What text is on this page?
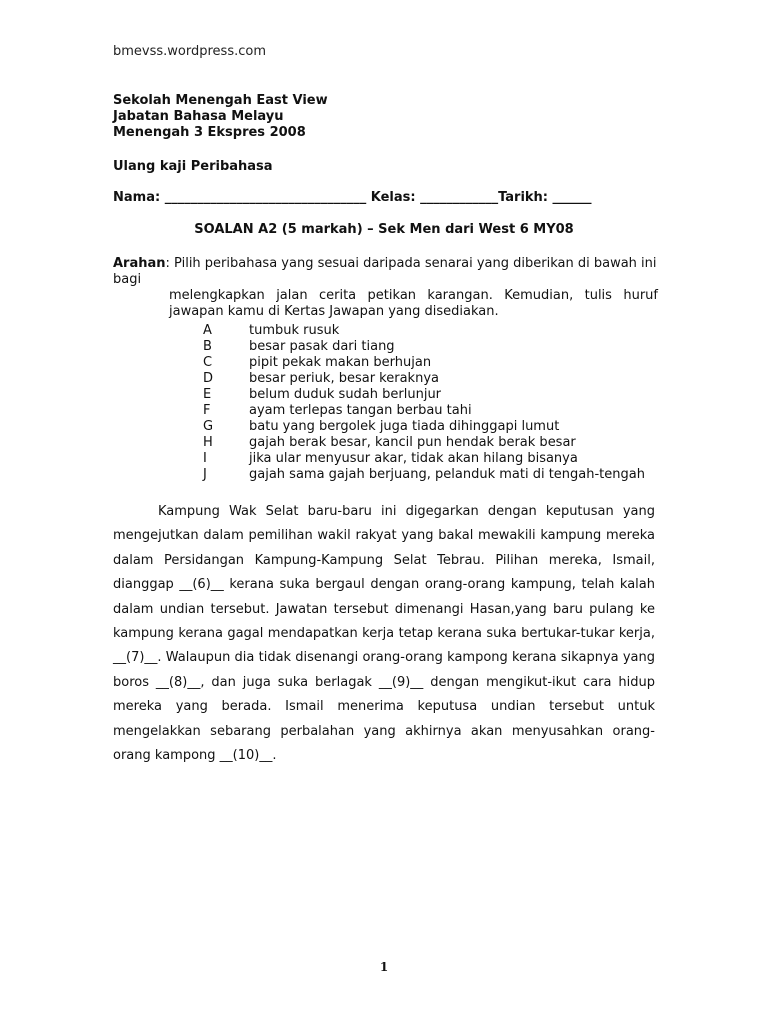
bmevss.wordpress.com
Sekolah Menengah East View
Jabatan Bahasa Melayu
Menengah 3 Ekspres 2008
Ulang kaji Peribahasa
Nama: _______________________________ Kelas: ____________Tarikh: ______
SOALAN A2 (5 markah) – Sek Men dari West 6 MY08
Arahan: Pilih peribahasa yang sesuai daripada senarai yang diberikan di bawah ini bagi
melengkapkan jalan cerita petikan karangan. Kemudian, tulis huruf jawapan kamu di Kertas Jawapan yang disediakan.
A	tumbuk rusuk
B	besar pasak dari tiang
C	pipit pekak makan berhujan
D	besar periuk, besar keraknya
E	belum duduk sudah berlunjur
F	ayam terlepas tangan berbau tahi
G	batu yang bergolek juga tiada dihinggapi lumut
H	gajah berak besar, kancil pun hendak berak besar
I	jika ular menyusur akar, tidak akan hilang bisanya
J	gajah sama gajah berjuang, pelanduk mati di tengah-tengah

Kampung Wak Selat baru-baru ini digegarkan dengan keputusan yang mengejutkan dalam pemilihan wakil rakyat yang bakal mewakili kampung mereka dalam Persidangan Kampung-Kampung Selat Tebrau. Pilihan mereka, Ismail, dianggap __(6)__ kerana suka bergaul dengan orang-orang kampung, telah kalah dalam undian tersebut. Jawatan tersebut dimenangi Hasan,yang baru pulang ke kampung kerana gagal mendapatkan kerja tetap kerana suka bertukar-tukar kerja, __(7)__. Walaupun dia tidak disenangi orang-orang kampong kerana sikapnya yang boros __(8)__, dan juga suka berlagak __(9)__ dengan mengikut-ikut cara hidup mereka yang berada. Ismail menerima keputusa undian tersebut untuk mengelakkan sebarang perbalahan yang akhirnya akan menyusahkan orang-orang kampong __(10)__.

1
